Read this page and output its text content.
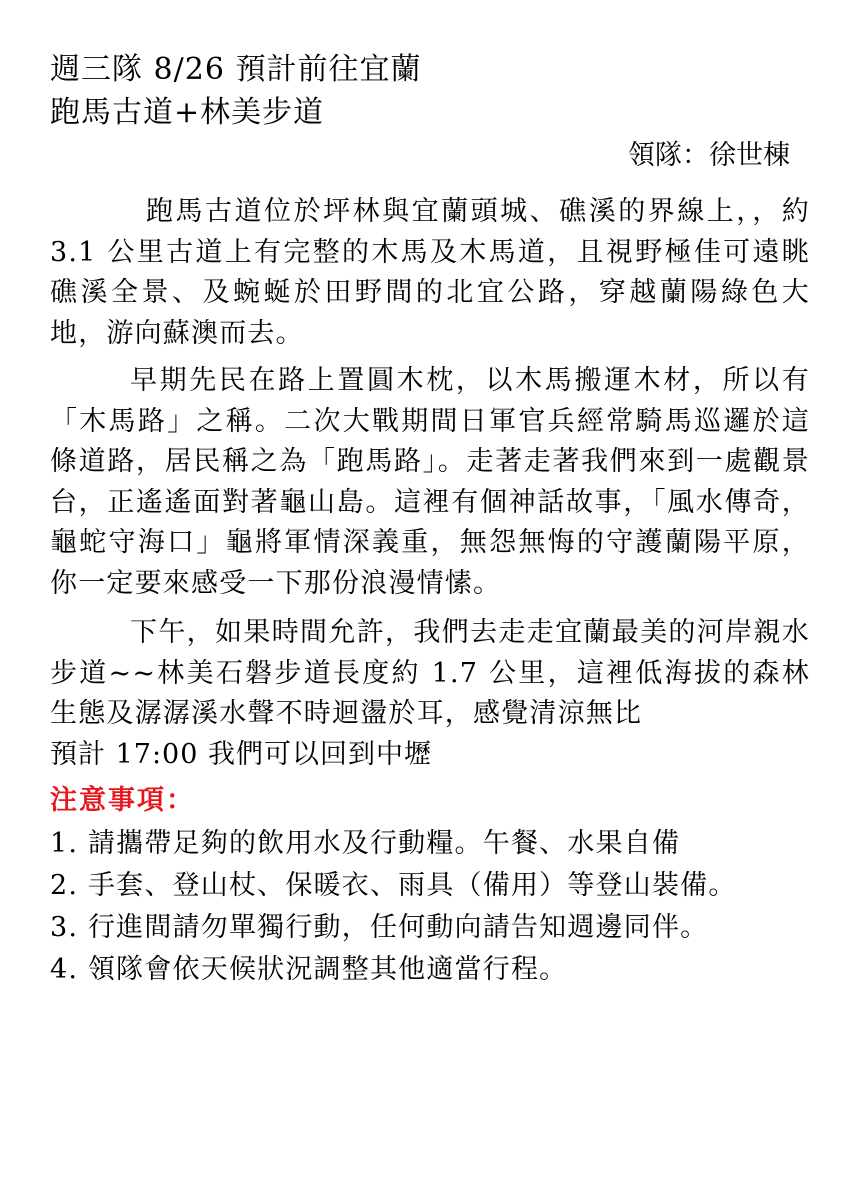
週三隊 8/26 預計前往宜蘭
跑馬古道+林美步道
領隊：徐世棟

跑馬古道位於坪林與宜蘭頭城、礁溪的界線上，，約 3.1 公里古道上有完整的木馬及木馬道，且視野極佳可遠眺礁溪全景、及蜿蜒於田野間的北宜公路，穿越蘭陽綠色大地，游向蘇澳而去。

早期先民在路上置圓木枕，以木馬搬運木材，所以有「木馬路」之稱。二次大戰期間日軍官兵經常騎馬巡邏於這條道路，居民稱之為「跑馬路」。走著走著我們來到一處觀景台，正遙遙面對著龜山島。這裡有個神話故事，「風水傳奇，龜蛇守海口」龜將軍情深義重，無怨無悔的守護蘭陽平原，你一定要來感受一下那份浪漫情愫。

下午，如果時間允許，我們去走走宜蘭最美的河岸親水步道~~林美石磐步道長度約 1.7 公里，這裡低海拔的森林生態及潺潺溪水聲不時迴盪於耳，感覺清涼無比

預計 17:00 我們可以回到中壢

注意事項：
1. 請攜帶足夠的飲用水及行動糧。午餐、水果自備
2. 手套、登山杖、保暖衣、雨具（備用）等登山裝備。
3. 行進間請勿單獨行動，任何動向請告知週邊同伴。
4. 領隊會依天候狀況調整其他適當行程。
